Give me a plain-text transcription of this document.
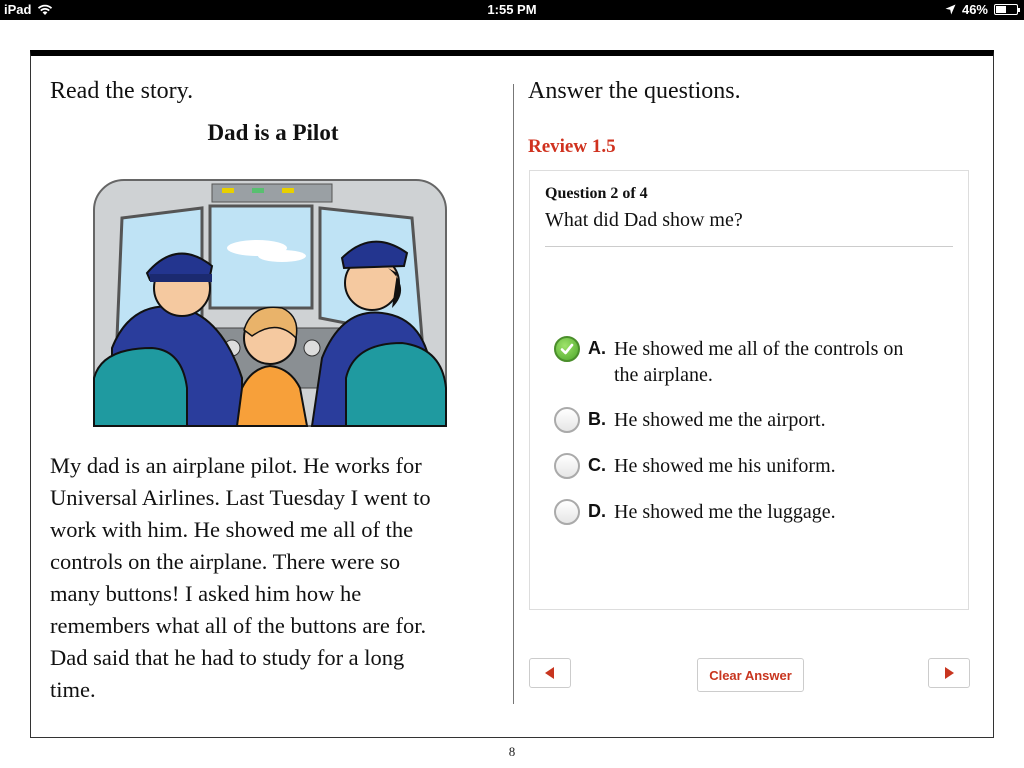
iPad	1:55 PM	46%
Read the story.
Dad is a Pilot
My dad is an airplane pilot. He works for
Universal Airlines. Last Tuesday I went to
work with him. He showed me all of the
controls on the airplane. There were so
many buttons! I asked him how he
remembers what all of the buttons are for.
Dad said that he had to study for a long
time.
Answer the questions.
Review 1.5
Question 2 of 4
What did Dad show me?
A. He showed me all of the controls on
the airplane.
B. He showed me the airport.
C. He showed me his uniform.
D. He showed me the luggage.
Clear Answer
8
